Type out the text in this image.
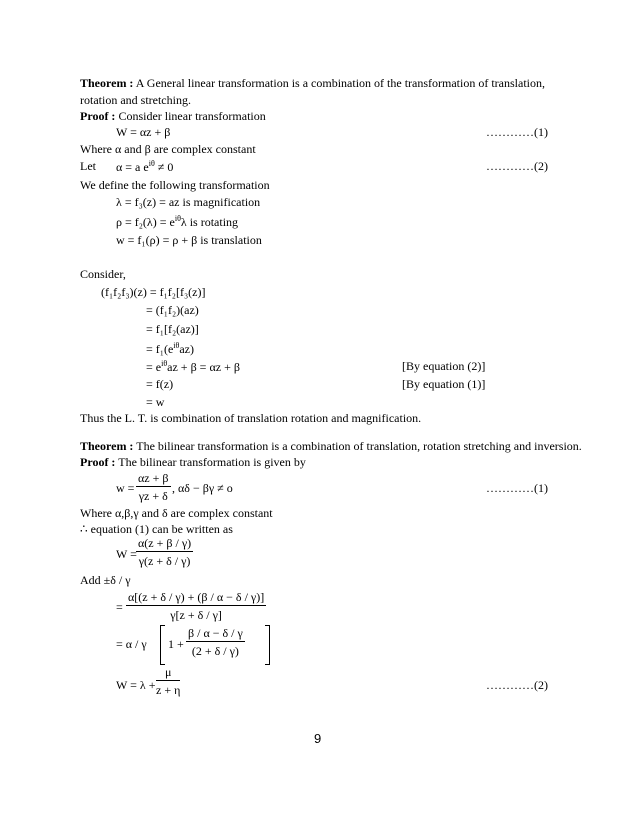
Theorem : A General linear transformation is a combination of the transformation of translation,
rotation and stretching.
Proof : Consider linear transformation
W = αz + β	…………(1)
Where α and β are complex constant
Let α = a $e^{i\theta} \ne 0$	…………(2)
We define the following transformation
λ = f₃(z) = az is magnification
$\rho = f_2(\lambda) = e^{i\theta}\lambda$ is rotating
w = f₁(ρ) = ρ + β is translation
Consider,
(f₁f₂f₃)(z) = f₁f₂[f₃(z)]
= (f₁f₂)(az)
= f₁[f₂(az)]
= $f_1(e^{i\theta}az)$
= $e^{i\theta}az + \beta = \alpha z + \beta$	[By equation (2)]
= f(z)	[By equation (1)]
= w
Thus the L. T. is combination of translation rotation and magnification.
Theorem : The bilinear transformation is a combination of translation, rotation stretching and inversion.
Proof : The bilinear transformation is given by
$w = \frac{\alpha z + \beta}{\gamma z + \delta}$ , αδ − βγ ≠ o	…………(1)
Where α,β,γ and δ are complex constant
∴ equation (1) can be written as
$W = \frac{\alpha(z + \beta / \gamma)}{\gamma(z + \delta / \gamma)}$
Add ±δ / γ
= $\frac{\alpha[(z + \delta / \gamma) + (\beta / \alpha - \delta / \gamma)]}{\gamma[z + \delta / \gamma]}$
= α / γ $1 + \frac{\beta / \alpha - \delta / \gamma}{(2 + \delta / \gamma)}$
$W = \lambda + \frac{\mu}{z + \eta}$	…………(2)
9
